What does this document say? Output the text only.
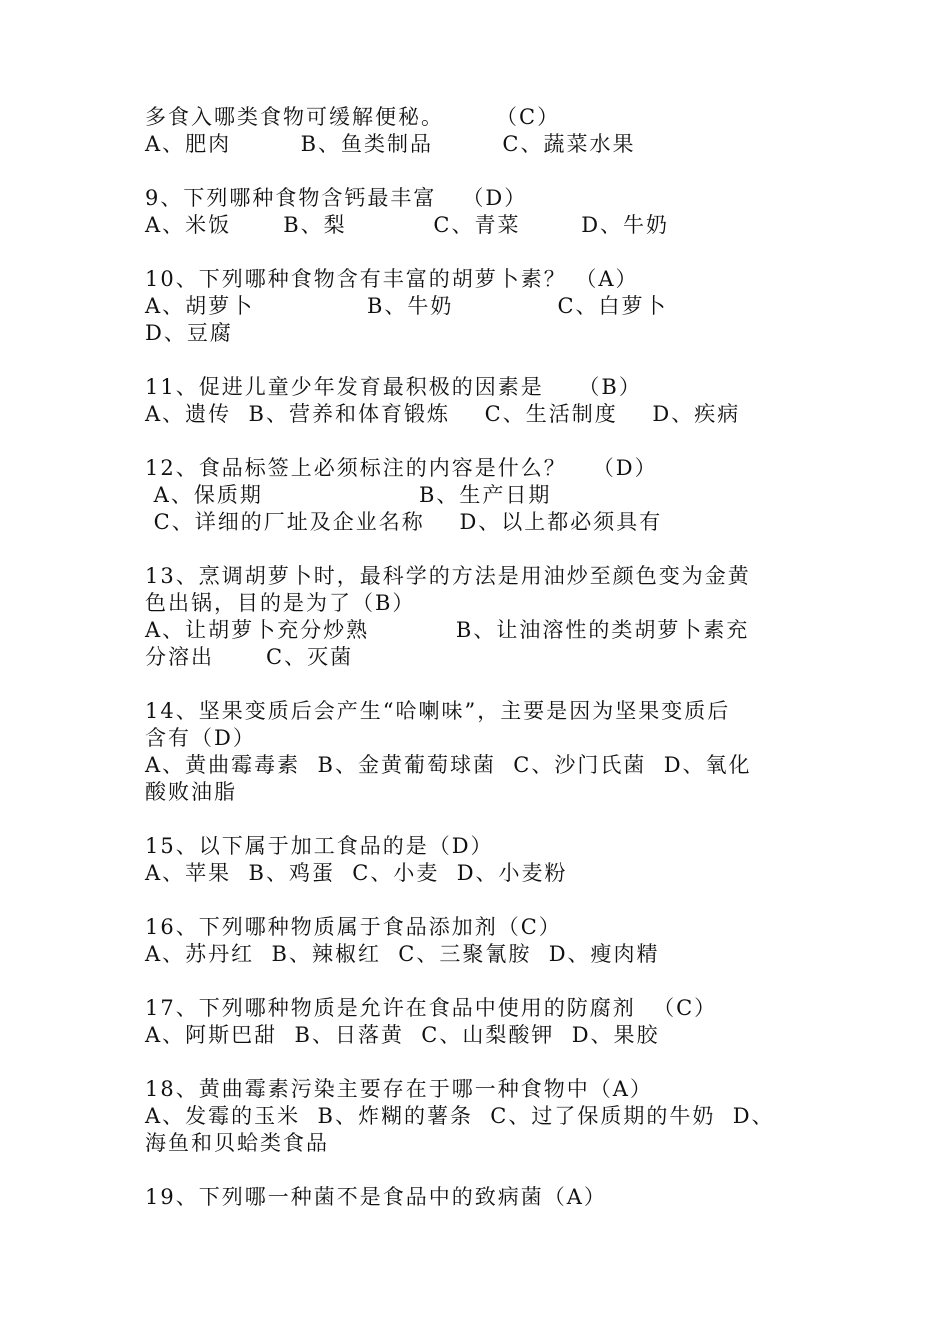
多食入哪类食物可缓解便秘。      （C）
A、肥肉        B、鱼类制品        C、蔬菜水果
9、下列哪种食物含钙最丰富   （D）
A、米饭      B、梨          C、青菜       D、牛奶
10、下列哪种食物含有丰富的胡萝卜素？ （A）
A、胡萝卜             B、牛奶            C、白萝卜
D、豆腐
11、促进儿童少年发育最积极的因素是    （B）
A、遗传  B、营养和体育锻炼    C、生活制度    D、疾病
12、食品标签上必须标注的内容是什么？   （D）
A、保质期                  B、生产日期
C、详细的厂址及企业名称    D、以上都必须具有
13、烹调胡萝卜时，最科学的方法是用油炒至颜色变为金黄
色出锅，目的是为了（B）
A、让胡萝卜充分炒熟          B、让油溶性的类胡萝卜素充
分溶出      C、灭菌
14、坚果变质后会产生“哈喇味”，主要是因为坚果变质后
含有（D）
A、黄曲霉毒素  B、金黄葡萄球菌  C、沙门氏菌  D、氧化
酸败油脂
15、以下属于加工食品的是（D）
A、苹果  B、鸡蛋  C、小麦  D、小麦粉
16、下列哪种物质属于食品添加剂（C）
A、苏丹红  B、辣椒红  C、三聚氰胺  D、瘦肉精
17、下列哪种物质是允许在食品中使用的防腐剂  （C）
A、阿斯巴甜  B、日落黄  C、山梨酸钾  D、果胶
18、黄曲霉素污染主要存在于哪一种食物中（A）
A、发霉的玉米  B、炸糊的薯条  C、过了保质期的牛奶  D、
海鱼和贝蛤类食品
19、下列哪一种菌不是食品中的致病菌（A）
